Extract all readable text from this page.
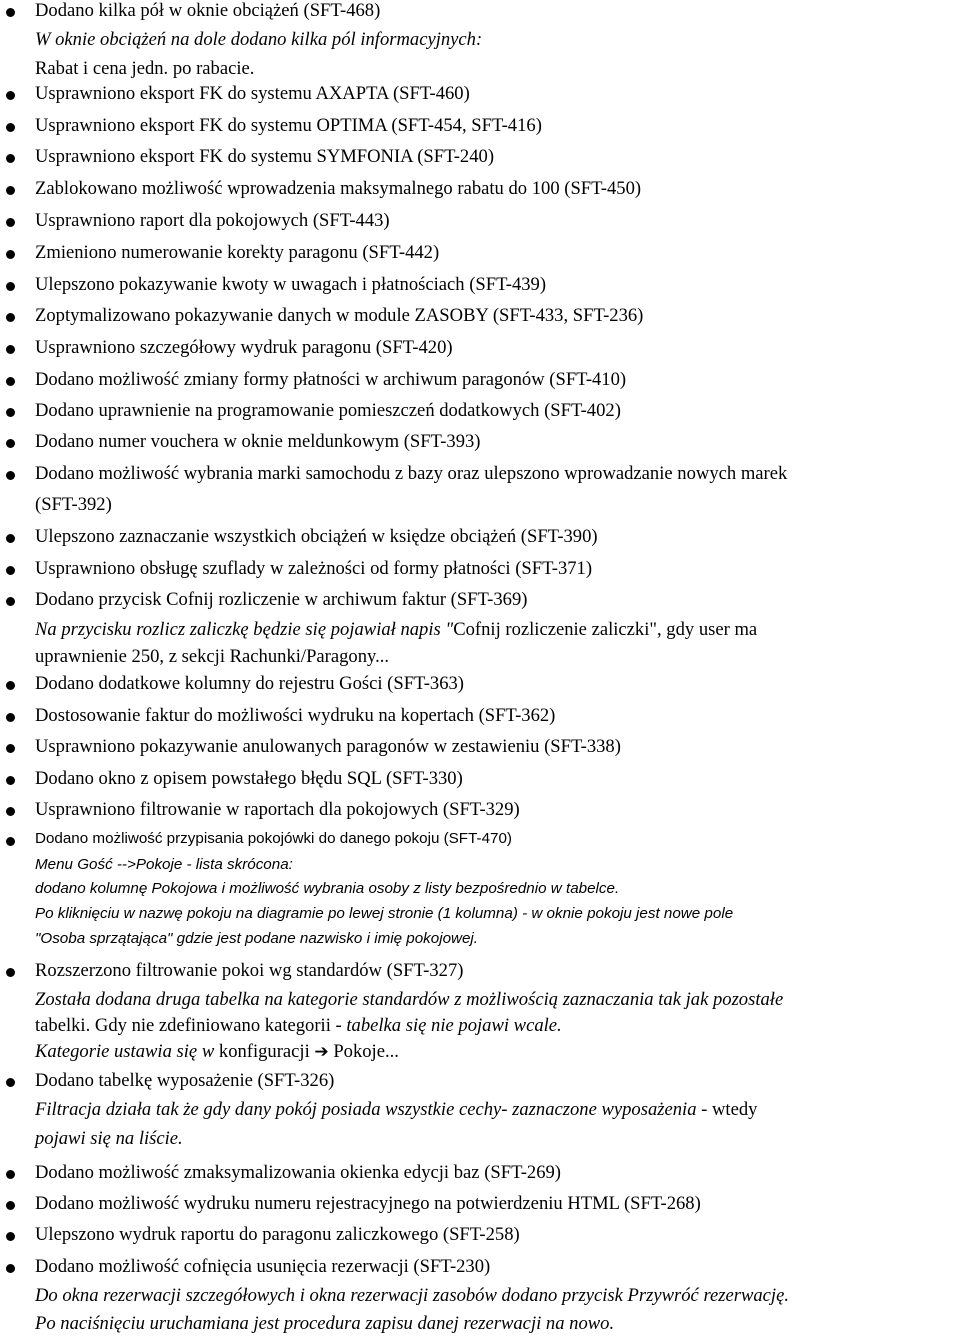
Dodano kilka pół w oknie obciążeń (SFT-468)
W oknie obciążeń na dole dodano kilka pól informacyjnych:
Rabat i cena jedn. po rabacie.
Usprawniono eksport FK do systemu AXAPTA (SFT-460)
Usprawniono eksport FK do systemu OPTIMA (SFT-454, SFT-416)
Usprawniono eksport FK do systemu SYMFONIA (SFT-240)
Zablokowano możliwość wprowadzenia maksymalnego rabatu do 100 (SFT-450)
Usprawniono raport dla pokojowych (SFT-443)
Zmieniono numerowanie korekty paragonu (SFT-442)
Ulepszono pokazywanie kwoty w uwagach i płatnościach (SFT-439)
Zoptymalizowano pokazywanie danych w module ZASOBY (SFT-433, SFT-236)
Usprawniono szczegółowy wydruk paragonu (SFT-420)
Dodano możliwość zmiany formy płatności w archiwum paragonów (SFT-410)
Dodano uprawnienie na programowanie pomieszczeń dodatkowych (SFT-402)
Dodano numer vouchera w oknie meldunkowym (SFT-393)
Dodano możliwość wybrania marki samochodu z bazy oraz ulepszono wprowadzanie nowych marek
(SFT-392)
Ulepszono zaznaczanie wszystkich obciążeń w księdze obciążeń (SFT-390)
Usprawniono obsługę szuflady w zależności od formy płatności (SFT-371)
Dodano przycisk Cofnij rozliczenie w archiwum faktur (SFT-369)
Na przycisku rozlicz zaliczkę będzie się pojawiał napis "Cofnij rozliczenie zaliczki", gdy user ma
uprawnienie 250, z sekcji Rachunki/Paragony...
Dodano dodatkowe kolumny do rejestru Gości (SFT-363)
Dostosowanie faktur do możliwości wydruku na kopertach (SFT-362)
Usprawniono pokazywanie anulowanych paragonów w zestawieniu (SFT-338)
Dodano okno z opisem powstałego błędu SQL (SFT-330)
Usprawniono filtrowanie w raportach dla pokojowych (SFT-329)
Dodano możliwość przypisania pokojówki do danego pokoju (SFT-470)
Menu Gość -->Pokoje - lista skrócona:
dodano kolumnę Pokojowa i możliwość wybrania osoby z listy bezpośrednio w tabelce.
Po kliknięciu w nazwę pokoju na diagramie po lewej stronie (1 kolumna) - w oknie pokoju jest nowe pole
"Osoba sprzątająca" gdzie jest podane nazwisko i imię pokojowej.
Rozszerzono filtrowanie pokoi wg standardów (SFT-327)
Została dodana druga tabelka na kategorie standardów z możliwością zaznaczania tak jak pozostałe
tabelki. Gdy nie zdefiniowano kategorii - tabelka się nie pojawi wcale.
Kategorie ustawia się w konfiguracji ➔ Pokoje...
Dodano tabelkę wyposażenie (SFT-326)
Filtracja działa tak że gdy dany pokój posiada wszystkie cechy- zaznaczone wyposażenia - wtedy
pojawi się na liście.
Dodano możliwość zmaksymalizowania okienka edycji baz (SFT-269)
Dodano możliwość wydruku numeru rejestracyjnego na potwierdzeniu HTML (SFT-268)
Ulepszono wydruk raportu do paragonu zaliczkowego (SFT-258)
Dodano możliwość cofnięcia usunięcia rezerwacji (SFT-230)
Do okna rezerwacji szczegółowych i okna rezerwacji zasobów dodano przycisk Przywróć rezerwację.
Po naciśnięciu uruchamiana jest procedura zapisu danej rezerwacji na nowo.
